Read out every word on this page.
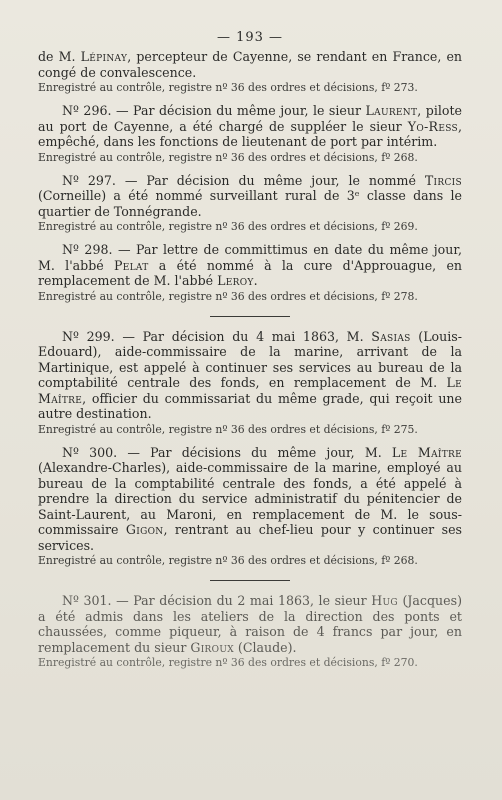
— 193 —

de M. Lépinay, percepteur de Cayenne, se rendant en France, en congé de convalescence.

Enregistré au contrôle, registre nº 36 des ordres et décisions, fº 273.

Nº 296. — Par décision du même jour, le sieur Laurent, pilote au port de Cayenne, a été chargé de suppléer le sieur Yo-Ress, empêché, dans les fonctions de lieutenant de port par intérim.

Enregistré au contrôle, registre nº 36 des ordres et décisions, fº 268.

Nº 297. — Par décision du même jour, le nommé Tircis (Corneille) a été nommé surveillant rural de 3ᵉ classe dans le quartier de Tonnégrande.

Enregistré au contrôle, registre nº 36 des ordres et décisions, fº 269.

Nº 298. — Par lettre de committimus en date du même jour, M. l'abbé Pelat a été nommé à la cure d'Approuague, en remplacement de M. l'abbé Leroy.

Enregistré au contrôle, registre nº 36 des ordres et décisions, fº 278.

Nº 299. — Par décision du 4 mai 1863, M. Sasias (Louis-Edouard), aide-commissaire de la marine, arrivant de la Martinique, est appelé à continuer ses services au bureau de la comptabilité centrale des fonds, en remplacement de M. Le Maître, officier du commissariat du même grade, qui reçoit une autre destination.

Enregistré au contrôle, registre nº 36 des ordres et décisions, fº 275.

Nº 300. — Par décisions du même jour, M. Le Maître (Alexandre-Charles), aide-commissaire de la marine, employé au bureau de la comptabilité centrale des fonds, a été appelé à prendre la direction du service administratif du pénitencier de Saint-Laurent, au Maroni, en remplacement de M. le sous-commissaire Gigon, rentrant au chef-lieu pour y continuer ses services.

Enregistré au contrôle, registre nº 36 des ordres et décisions, fº 268.

Nº 301. — Par décision du 2 mai 1863, le sieur Hug (Jacques) a été admis dans les ateliers de la direction des ponts et chaussées, comme piqueur, à raison de 4 francs par jour, en remplacement du sieur Giroux (Claude).

Enregistré au contrôle, registre nº 36 des ordres et décisions, fº 270.
